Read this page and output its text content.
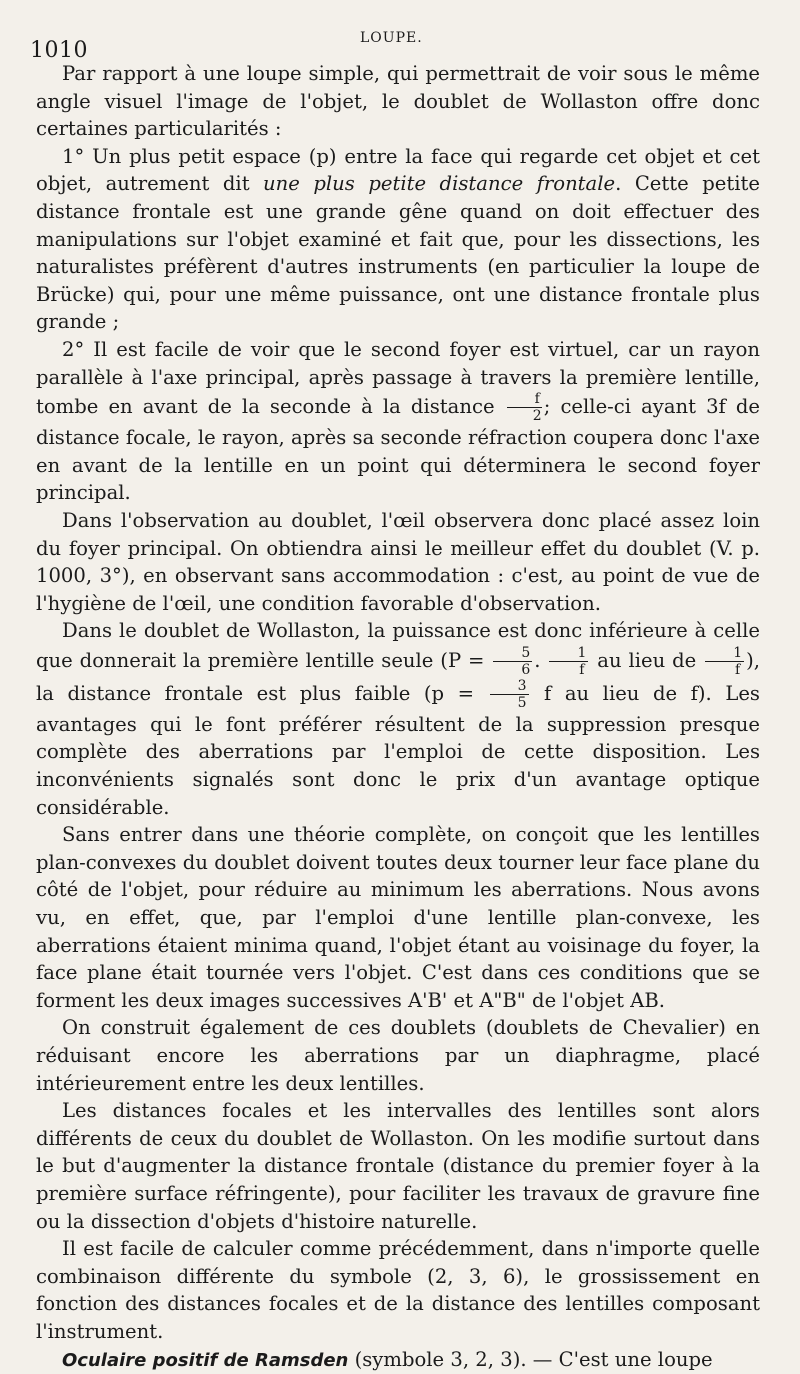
1010	LOUPE.

Par rapport à une loupe simple, qui permettrait de voir sous le même angle visuel l'image de l'objet, le doublet de Wollaston offre donc certaines particularités :

1° Un plus petit espace (p) entre la face qui regarde cet objet et cet objet, autrement dit une plus petite distance frontale. Cette petite distance frontale est une grande gêne quand on doit effectuer des manipulations sur l'objet examiné et fait que, pour les dissections, les naturalistes préfèrent d'autres instruments (en particulier la loupe de Brücke) qui, pour une même puissance, ont une distance frontale plus grande ;

2° Il est facile de voir que le second foyer est virtuel, car un rayon parallèle à l'axe principal, après passage à travers la première lentille, tombe en avant de la seconde à la distance $\frac{f}{2}$ ; celle-ci ayant 3f de distance focale, le rayon, après sa seconde réfraction coupera donc l'axe en avant de la lentille en un point qui déterminera le second foyer principal.

Dans l'observation au doublet, l'œil observera donc placé assez loin du foyer principal. On obtiendra ainsi le meilleur effet du doublet (V. p. 1000, 3°), en observant sans accommodation : c'est, au point de vue de l'hygiène de l'œil, une condition favorable d'observation.

Dans le doublet de Wollaston, la puissance est donc inférieure à celle que donnerait la première lentille seule ($P = \frac{5}{6}$ . $\frac{1}{f}$ au lieu de $\frac{1}{f}$ ), la distance frontale est plus faible ($p = \frac{3}{5}$ f au lieu de f). Les avantages qui le font préférer résultent de la suppression presque complète des aberrations par l'emploi de cette disposition. Les inconvénients signalés sont donc le prix d'un avantage optique considérable.

Sans entrer dans une théorie complète, on conçoit que les lentilles plan-convexes du doublet doivent toutes deux tourner leur face plane du côté de l'objet, pour réduire au minimum les aberrations. Nous avons vu, en effet, que, par l'emploi d'une lentille plan-convexe, les aberrations étaient minima quand, l'objet étant au voisinage du foyer, la face plane était tournée vers l'objet. C'est dans ces conditions que se forment les deux images successives A'B' et A"B" de l'objet AB.

On construit également de ces doublets (doublets de Chevalier) en réduisant encore les aberrations par un diaphragme, placé intérieurement entre les deux lentilles.

Les distances focales et les intervalles des lentilles sont alors différents de ceux du doublet de Wollaston. On les modifie surtout dans le but d'augmenter la distance frontale (distance du premier foyer à la première surface réfringente), pour faciliter les travaux de gravure fine ou la dissection d'objets d'histoire naturelle.

Il est facile de calculer comme précédemment, dans n'importe quelle combinaison différente du symbole (2, 3, 6), le grossissement en fonction des distances focales et de la distance des lentilles composant l'instrument.

Oculaire positif de Ramsden (symbole 3, 2, 3). — C'est une loupe
